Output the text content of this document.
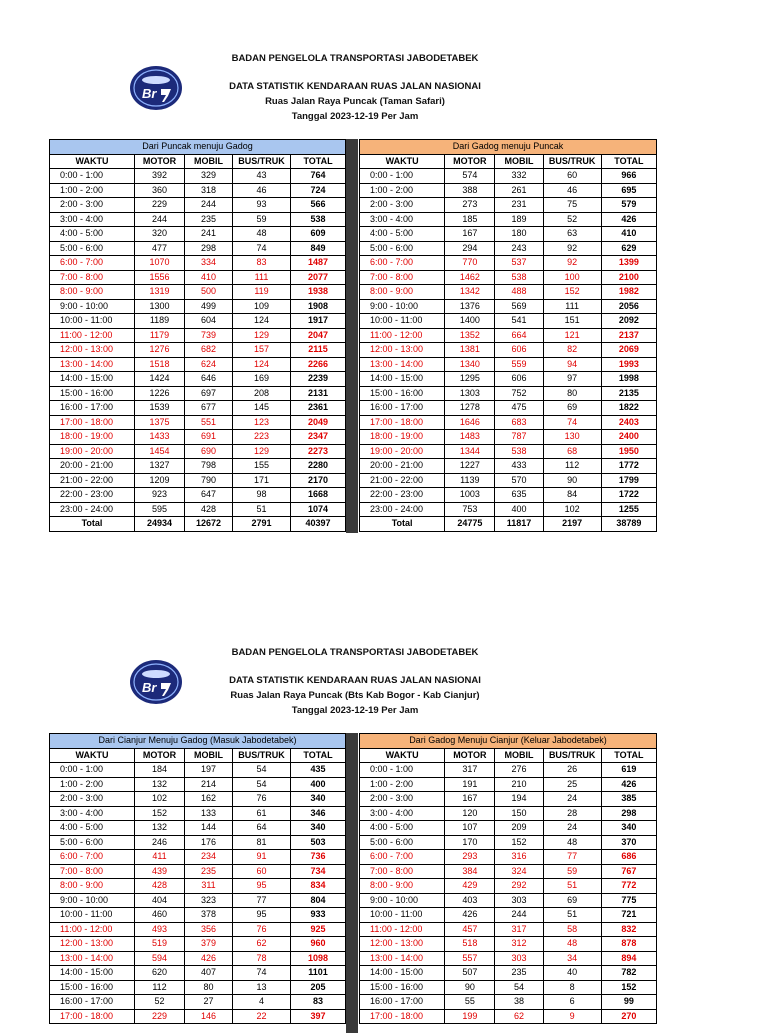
BADAN PENGELOLA TRANSPORTASI JABODETABEK
Br	DATA STATISTIK KENDARAAN RUAS JALAN NASIONAI
Ruas Jalan Raya Puncak (Taman Safari)
Tanggal 2023-12-19 Per Jam
Dari Puncak menuju Gadog				
WAKTU	MOTOR	MOBIL	BUS/TRUK	TOTAL
0:00 - 1:00	392	329	43	764
1:00 - 2:00	360	318	46	724
2:00 - 3:00	229	244	93	566
3:00 - 4:00	244	235	59	538
4:00 - 5:00	320	241	48	609
5:00 - 6:00	477	298	74	849
6:00 - 7:00	1070	334	83	1487
7:00 - 8:00	1556	410	111	2077
8:00 - 9:00	1319	500	119	1938
9:00 - 10:00	1300	499	109	1908
10:00 - 11:00	1189	604	124	1917
11:00 - 12:00	1179	739	129	2047
12:00 - 13:00	1276	682	157	2115
13:00 - 14:00	1518	624	124	2266
14:00 - 15:00	1424	646	169	2239
15:00 - 16:00	1226	697	208	2131
16:00 - 17:00	1539	677	145	2361
17:00 - 18:00	1375	551	123	2049
18:00 - 19:00	1433	691	223	2347
19:00 - 20:00	1454	690	129	2273
20:00 - 21:00	1327	798	155	2280
21:00 - 22:00	1209	790	171	2170
22:00 - 23:00	923	647	98	1668
23:00 - 24:00	595	428	51	1074
Total	24934	12672	2791	40397
Dari Gadog menuju Puncak				
WAKTU	MOTOR	MOBIL	BUS/TRUK	TOTAL
0:00 - 1:00	574	332	60	966
1:00 - 2:00	388	261	46	695
2:00 - 3:00	273	231	75	579
3:00 - 4:00	185	189	52	426
4:00 - 5:00	167	180	63	410
5:00 - 6:00	294	243	92	629
6:00 - 7:00	770	537	92	1399
7:00 - 8:00	1462	538	100	2100
8:00 - 9:00	1342	488	152	1982
9:00 - 10:00	1376	569	111	2056
10:00 - 11:00	1400	541	151	2092
11:00 - 12:00	1352	664	121	2137
12:00 - 13:00	1381	606	82	2069
13:00 - 14:00	1340	559	94	1993
14:00 - 15:00	1295	606	97	1998
15:00 - 16:00	1303	752	80	2135
16:00 - 17:00	1278	475	69	1822
17:00 - 18:00	1646	683	74	2403
18:00 - 19:00	1483	787	130	2400
19:00 - 20:00	1344	538	68	1950
20:00 - 21:00	1227	433	112	1772
21:00 - 22:00	1139	570	90	1799
22:00 - 23:00	1003	635	84	1722
23:00 - 24:00	753	400	102	1255
Total	24775	11817	2197	38789
BADAN PENGELOLA TRANSPORTASI JABODETABEK
Br	DATA STATISTIK KENDARAAN RUAS JALAN NASIONAI
Ruas Jalan Raya Puncak (Bts Kab Bogor - Kab Cianjur)
Tanggal 2023-12-19 Per Jam
Dari Cianjur Menuju Gadog (Masuk Jabodetabek)				
WAKTU	MOTOR	MOBIL	BUS/TRUK	TOTAL
0:00 - 1:00	184	197	54	435
1:00 - 2:00	132	214	54	400
2:00 - 3:00	102	162	76	340
3:00 - 4:00	152	133	61	346
4:00 - 5:00	132	144	64	340
5:00 - 6:00	246	176	81	503
6:00 - 7:00	411	234	91	736
7:00 - 8:00	439	235	60	734
8:00 - 9:00	428	311	95	834
9:00 - 10:00	404	323	77	804
10:00 - 11:00	460	378	95	933
11:00 - 12:00	493	356	76	925
12:00 - 13:00	519	379	62	960
13:00 - 14:00	594	426	78	1098
14:00 - 15:00	620	407	74	1101
15:00 - 16:00	112	80	13	205
16:00 - 17:00	52	27	4	83
17:00 - 18:00	229	146	22	397
Dari Gadog Menuju Cianjur (Keluar Jabodetabek)				
WAKTU	MOTOR	MOBIL	BUS/TRUK	TOTAL
0:00 - 1:00	317	276	26	619
1:00 - 2:00	191	210	25	426
2:00 - 3:00	167	194	24	385
3:00 - 4:00	120	150	28	298
4:00 - 5:00	107	209	24	340
5:00 - 6:00	170	152	48	370
6:00 - 7:00	293	316	77	686
7:00 - 8:00	384	324	59	767
8:00 - 9:00	429	292	51	772
9:00 - 10:00	403	303	69	775
10:00 - 11:00	426	244	51	721
11:00 - 12:00	457	317	58	832
12:00 - 13:00	518	312	48	878
13:00 - 14:00	557	303	34	894
14:00 - 15:00	507	235	40	782
15:00 - 16:00	90	54	8	152
16:00 - 17:00	55	38	6	99
17:00 - 18:00	199	62	9	270
